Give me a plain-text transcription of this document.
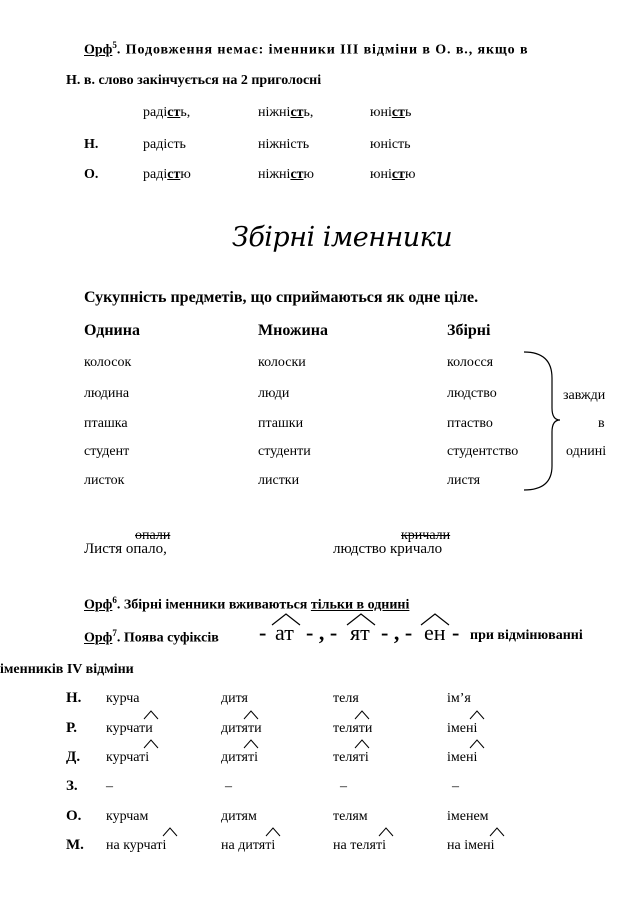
Орф$^5$. Подовження немає: іменники ІІІ відміни в О. в., якщо в
Н. в. слово закінчується на 2 приголосні
радість,	ніжність,	юність
Н.	радість	ніжність	юність
О.	радістю	ніжністю	юністю
Збірні іменники
Сукупність предметів, що сприймаються як одне ціле.
Однина	Множина	Збірні
колосок	колоски	колосся
людина	люди	людство
пташка	пташки	птаство
студент	студенти	студентство
листок	листки	листя
завжди
в
однині
опали	кричали
Листя опало,	людство кричало
Орф$^6$. Збірні іменники вживаються тільки в однині
Орф$^7$. Поява суфіксів - ат - , - ят - , - ен - при відмінюванні
іменників IV відміни
Н. курча	дитя	теля	ім’я
Р. курчати	дитяти	теляти	імені
Д. курчаті	дитяті	теляті	імені
З. –	–	–	–
О. курчам	дитям	телям	іменем
М. на курчаті	на дитяті	на теляті	на імені
